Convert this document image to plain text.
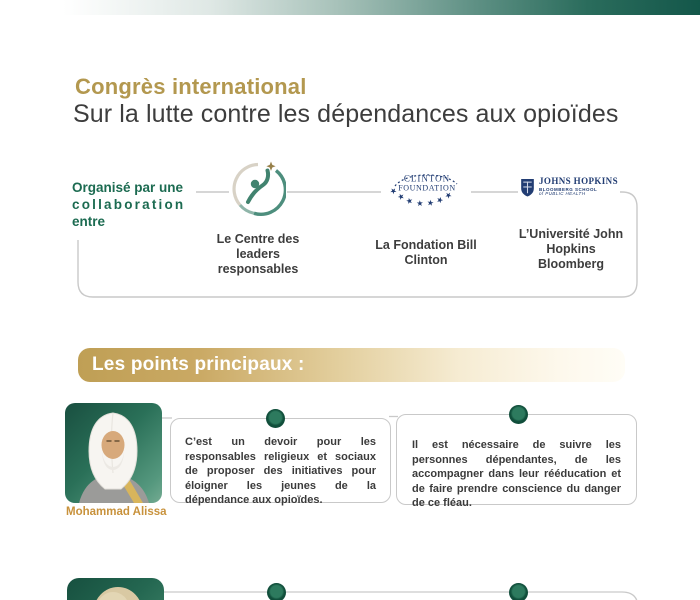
Congrès international
Sur la lutte contre les dépendances aux opioïdes
Organisé par une
collaboration
entre
Le Centre des
leaders
responsables
CLINTON
FOUNDATION
★
★
★ ★ ★ ★
★
La Fondation Bill
Clinton
JOHNS HOPKINS
BLOOMBERG SCHOOL
of PUBLIC HEALTH
L’Université John
Hopkins
Bloomberg
Les points principaux :
Mohammad Alissa
C’est un devoir pour les responsables religieux et sociaux de proposer des initiatives pour éloigner les jeunes de la dépendance aux opioïdes.
Il est nécessaire de suivre les personnes dépendantes, de les accompagner dans leur rééducation et de faire prendre conscience du danger de ce fléau.
